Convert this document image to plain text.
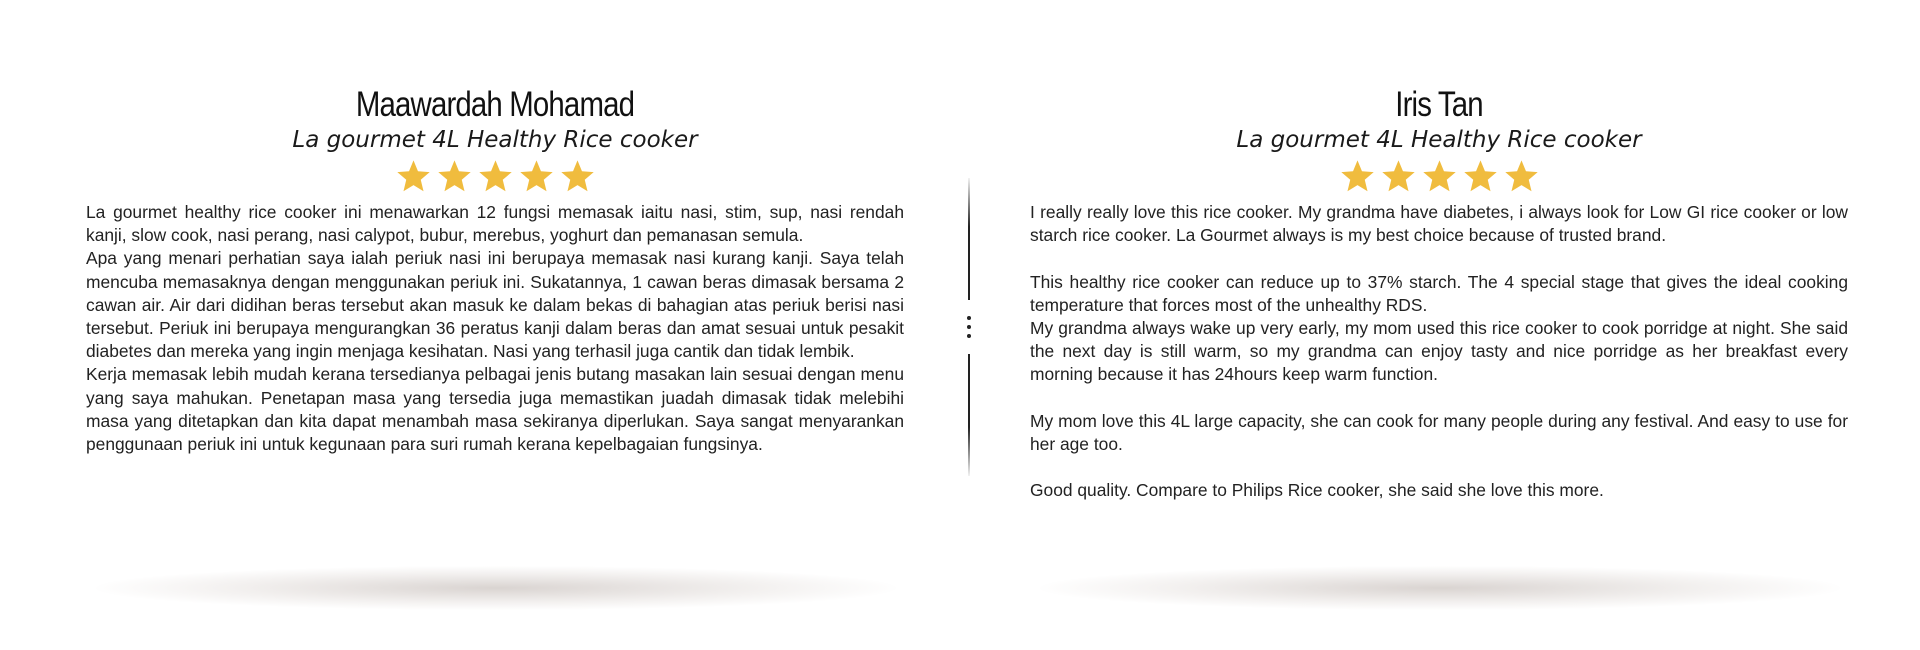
Maawardah Mohamad
La gourmet 4L Healthy Rice cooker

La gourmet healthy rice cooker ini menawarkan 12 fungsi memasak iaitu nasi, stim, sup, nasi rendah kanji, slow cook, nasi perang, nasi calypot, bubur, merebus, yoghurt dan pemanasan semula.

Apa yang menari perhatian saya ialah periuk nasi ini berupaya memasak nasi kurang kanji. Saya telah mencuba memasaknya dengan menggunakan periuk ini. Sukatannya, 1 cawan beras dimasak bersama 2 cawan air. Air dari didihan beras tersebut akan masuk ke dalam bekas di bahagian atas periuk berisi nasi tersebut. Periuk ini berupaya mengurangkan 36 peratus kanji dalam beras dan amat sesuai untuk pesakit diabetes dan mereka yang ingin menjaga kesihatan. Nasi yang terhasil juga cantik dan tidak lembik.

Kerja memasak lebih mudah kerana tersedianya pelbagai jenis butang masakan lain sesuai dengan menu yang saya mahukan. Penetapan masa yang tersedia juga memastikan juadah dimasak tidak melebihi masa yang ditetapkan dan kita dapat menambah masa sekiranya diperlukan. Saya sangat menyarankan penggunaan periuk ini untuk kegunaan para suri rumah kerana kepelbagaian fungsinya.

Iris Tan
La gourmet 4L Healthy Rice cooker

I really really love this rice cooker. My grandma have diabetes, i always look for Low GI rice cooker or low starch rice cooker. La Gourmet always is my best choice because of trusted brand.

This healthy rice cooker can reduce up to 37% starch. The 4 special stage that gives the ideal cooking temperature that forces most of the unhealthy RDS.

My grandma always wake up very early, my mom used this rice cooker to cook porridge at night. She said the next day is still warm, so my grandma can enjoy tasty and nice porridge as her breakfast every morning because it has 24hours keep warm function.

My mom love this 4L large capacity, she can cook for many people during any festival. And easy to use for her age too.

Good quality. Compare to Philips Rice cooker, she said she love this more.
